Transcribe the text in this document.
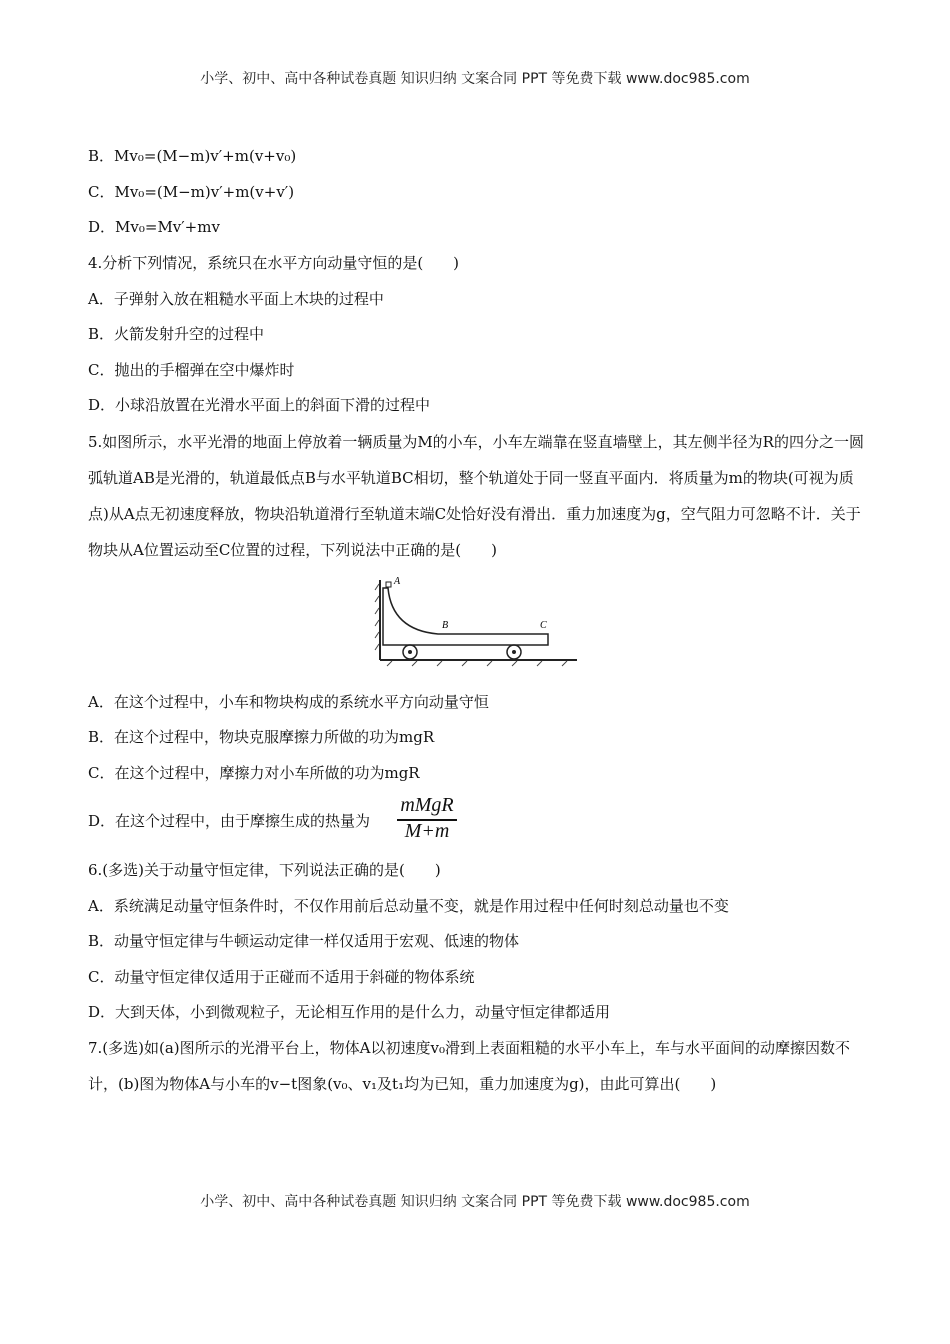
小学、初中、高中各种试卷真题 知识归纳 文案合同 PPT 等免费下载 www.doc985.com
B．Mv₀=(M−m)v′+m(v+v₀)
C．Mv₀=(M−m)v′+m(v+v′)
D．Mv₀=Mv′+mv
4.分析下列情况，系统只在水平方向动量守恒的是(　　)
A．子弹射入放在粗糙水平面上木块的过程中
B．火箭发射升空的过程中
C．抛出的手榴弹在空中爆炸时
D．小球沿放置在光滑水平面上的斜面下滑的过程中
5.如图所示，水平光滑的地面上停放着一辆质量为M的小车，小车左端靠在竖直墙壁上，其左侧半径为R的四分之一圆弧轨道AB是光滑的，轨道最低点B与水平轨道BC相切，整个轨道处于同一竖直平面内．将质量为m的物块(可视为质点)从A点无初速度释放，物块沿轨道滑行至轨道末端C处恰好没有滑出．重力加速度为g，空气阻力可忽略不计．关于物块从A位置运动至C位置的过程，下列说法中正确的是(　　)
A
B	C
A．在这个过程中，小车和物块构成的系统水平方向动量守恒
B．在这个过程中，物块克服摩擦力所做的功为mgR
C．在这个过程中，摩擦力对小车所做的功为mgR
D．在这个过程中，由于摩擦生成的热量为
mMgR
M+m
6.(多选)关于动量守恒定律，下列说法正确的是(　　)
A．系统满足动量守恒条件时，不仅作用前后总动量不变，就是作用过程中任何时刻总动量也不变
B．动量守恒定律与牛顿运动定律一样仅适用于宏观、低速的物体
C．动量守恒定律仅适用于正碰而不适用于斜碰的物体系统
D．大到天体，小到微观粒子，无论相互作用的是什么力，动量守恒定律都适用
7.(多选)如(a)图所示的光滑平台上，物体A以初速度v₀滑到上表面粗糙的水平小车上，车与水平面间的动摩擦因数不计，(b)图为物体A与小车的v−t图象(v₀、v₁及t₁均为已知，重力加速度为g)，由此可算出(　　)
小学、初中、高中各种试卷真题 知识归纳 文案合同 PPT 等免费下载 www.doc985.com
